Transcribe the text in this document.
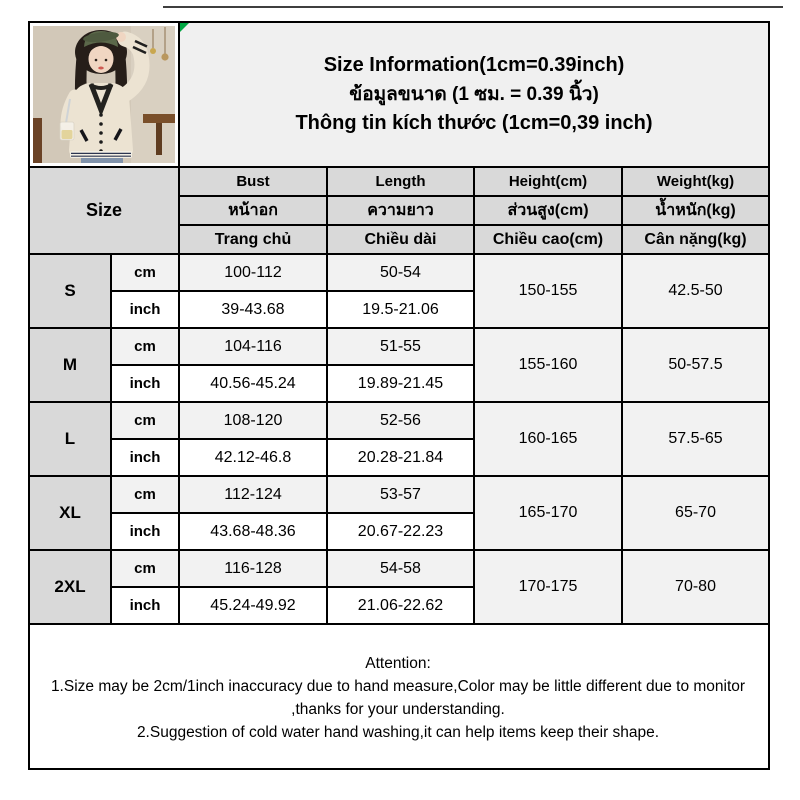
Size Information(1cm=0.39inch)
ข้อมูลขนาด (1 ซม. = 0.39 นิ้ว)
Thông tin kích thước (1cm=0,39 inch)			

Size		Bust	Length	Height(cm)	Weight(kg)
		หน้าอก	ความยาว	ส่วนสูง(cm)	น้ำหนัก(kg)
		Trang chủ	Chiều dài	Chiều cao(cm)	Cân nặng(kg)
S	cm	100-112	50-54	150-155	42.5-50
	inch	39-43.68	19.5-21.06		
M	cm	104-116	51-55	155-160	50-57.5
	inch	40.56-45.24	19.89-21.45		
L	cm	108-120	52-56	160-165	57.5-65
	inch	42.12-46.8	20.28-21.84		
XL	cm	112-124	53-57	165-170	65-70
	inch	43.68-48.36	20.67-22.23		
2XL	cm	116-128	54-58	170-175	70-80
	inch	45.24-49.92	21.06-22.62		

Attention:
1.Size may be 2cm/1inch inaccuracy due to hand measure,Color may be little different due to monitor ,thanks for your understanding.
2.Suggestion of cold water hand washing,it can help items keep their shape.					
